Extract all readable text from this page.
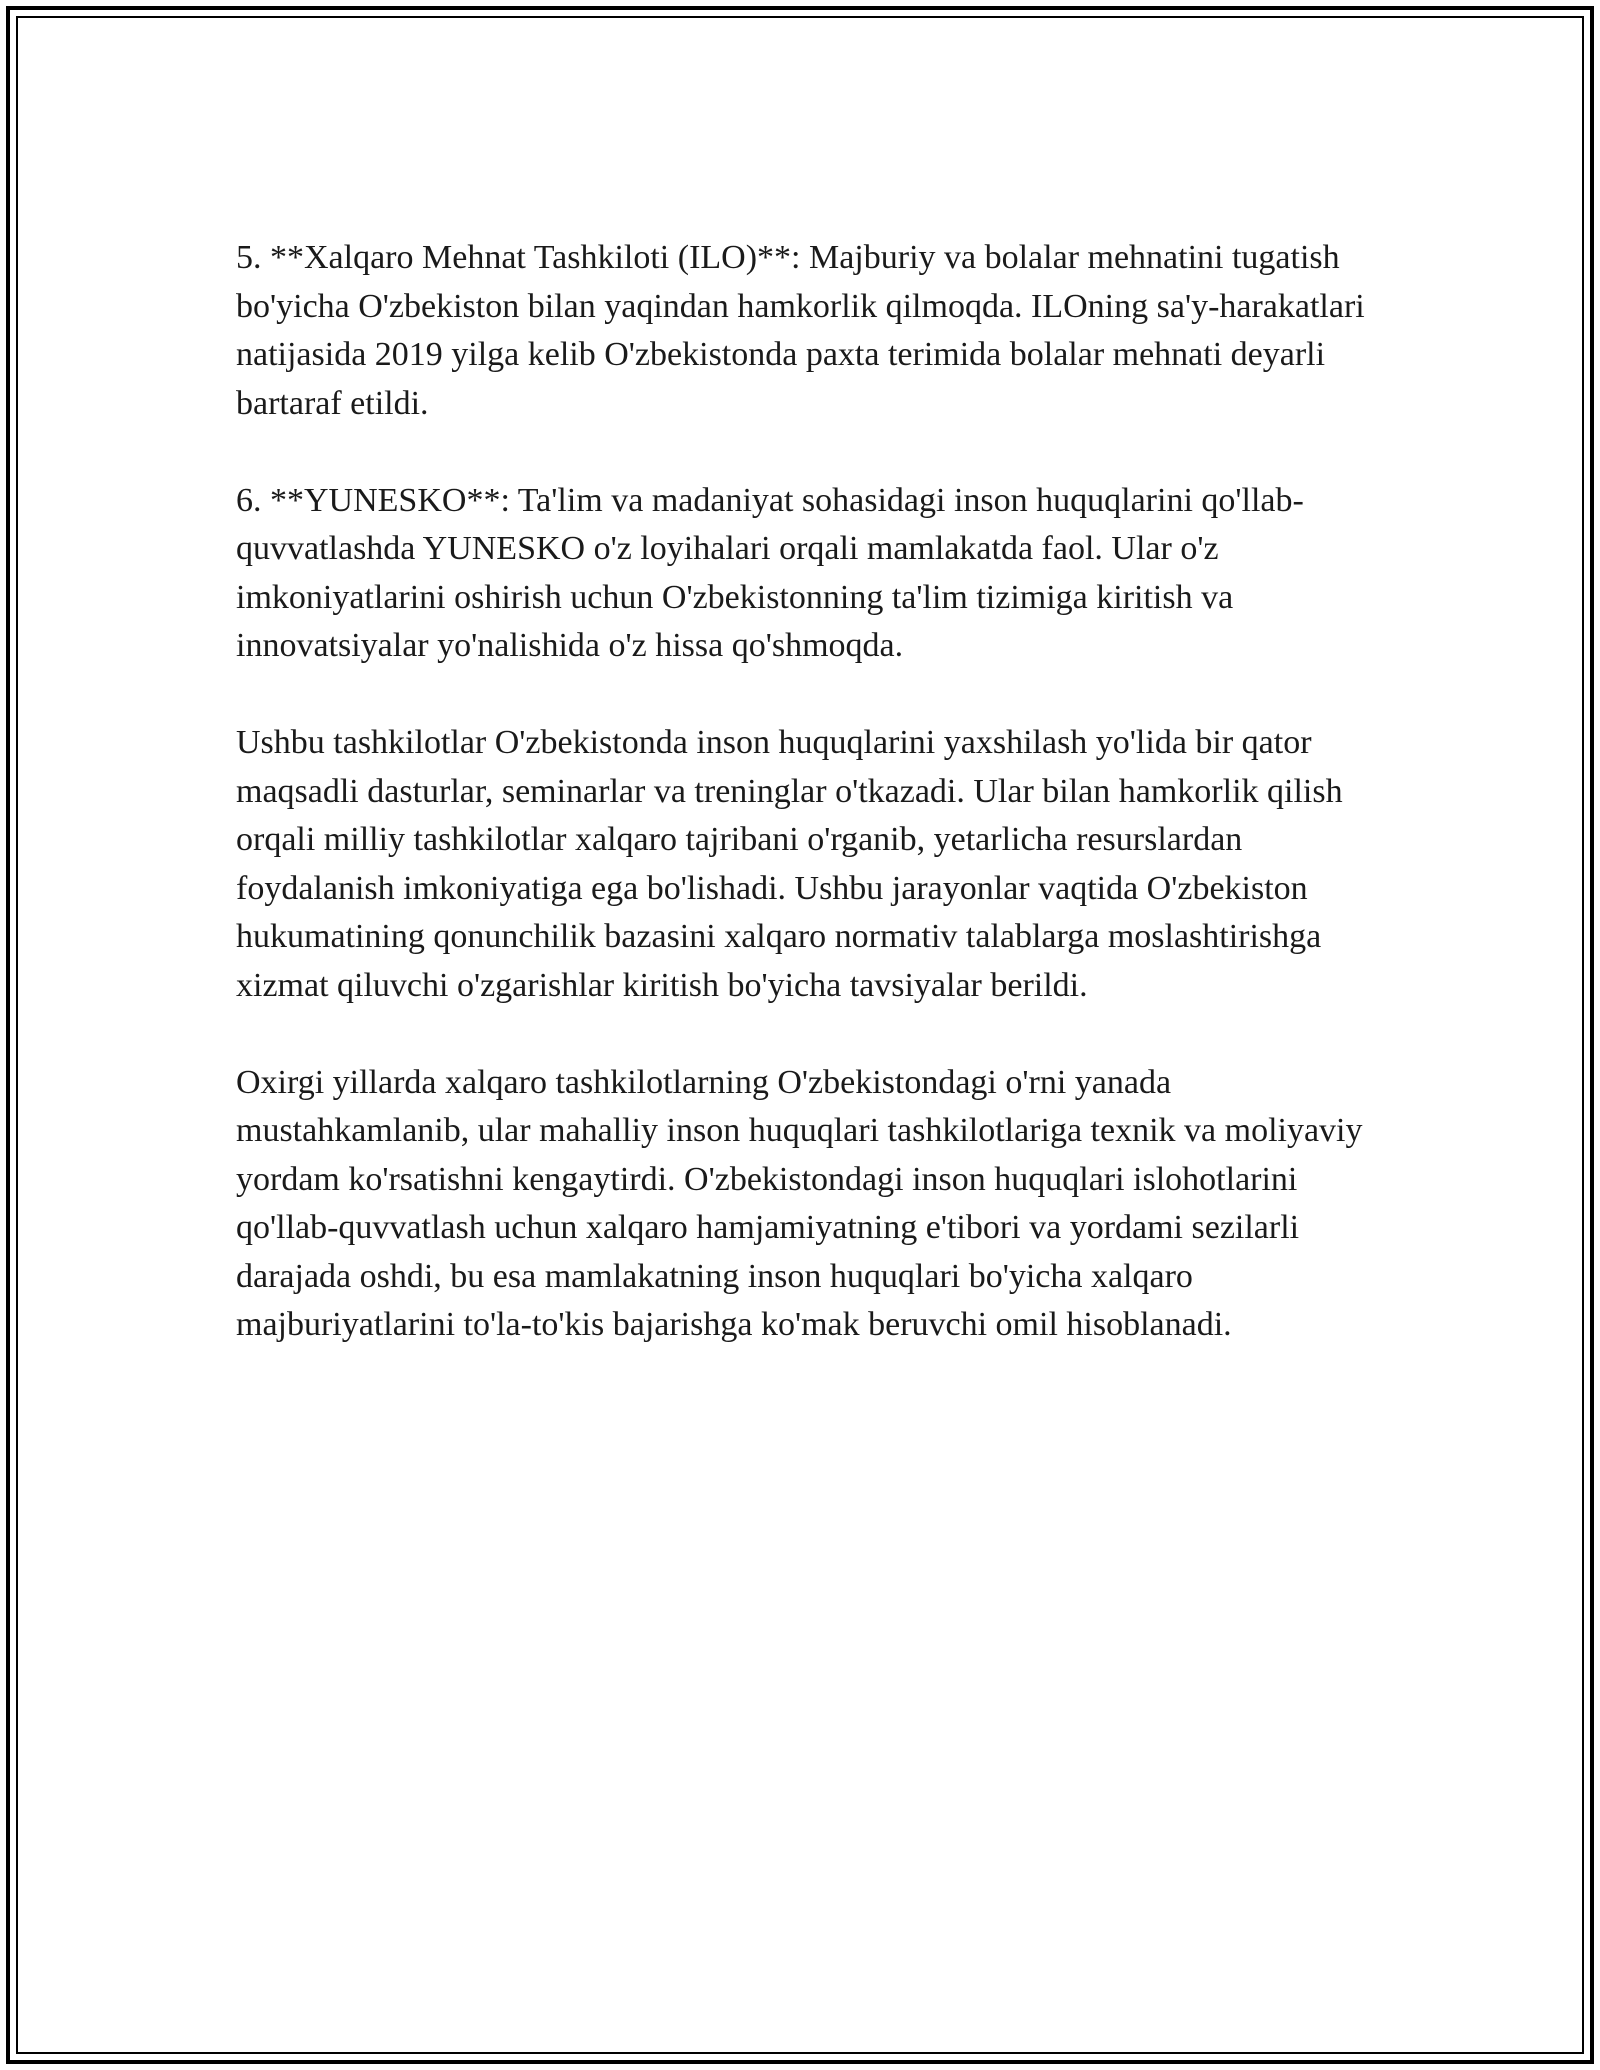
5. **Xalqaro Mehnat Tashkiloti (ILO)**: Majburiy va bolalar mehnatini tugatish bo'yicha O'zbekiston bilan yaqindan hamkorlik qilmoqda. ILOning sa'y-harakatlari natijasida 2019 yilga kelib O'zbekistonda paxta terimida bolalar mehnati deyarli bartaraf etildi.

6. **YUNESKO**: Ta'lim va madaniyat sohasidagi inson huquqlarini qo'llab-quvvatlashda YUNESKO o'z loyihalari orqali mamlakatda faol. Ular o'z imkoniyatlarini oshirish uchun O'zbekistonning ta'lim tizimiga kiritish va innovatsiyalar yo'nalishida o'z hissa qo'shmoqda.

Ushbu tashkilotlar O'zbekistonda inson huquqlarini yaxshilash yo'lida bir qator maqsadli dasturlar, seminarlar va treninglar o'tkazadi. Ular bilan hamkorlik qilish orqali milliy tashkilotlar xalqaro tajribani o'rganib, yetarlicha resurslardan foydalanish imkoniyatiga ega bo'lishadi. Ushbu jarayonlar vaqtida O'zbekiston hukumatining qonunchilik bazasini xalqaro normativ talablarga moslashtirishga xizmat qiluvchi o'zgarishlar kiritish bo'yicha tavsiyalar berildi.

Oxirgi yillarda xalqaro tashkilotlarning O'zbekistondagi o'rni yanada mustahkamlanib, ular mahalliy inson huquqlari tashkilotlariga texnik va moliyaviy yordam ko'rsatishni kengaytirdi. O'zbekistondagi inson huquqlari islohotlarini qo'llab-quvvatlash uchun xalqaro hamjamiyatning e'tibori va yordami sezilarli darajada oshdi, bu esa mamlakatning inson huquqlari bo'yicha xalqaro majburiyatlarini to'la-to'kis bajarishga ko'mak beruvchi omil hisoblanadi.
